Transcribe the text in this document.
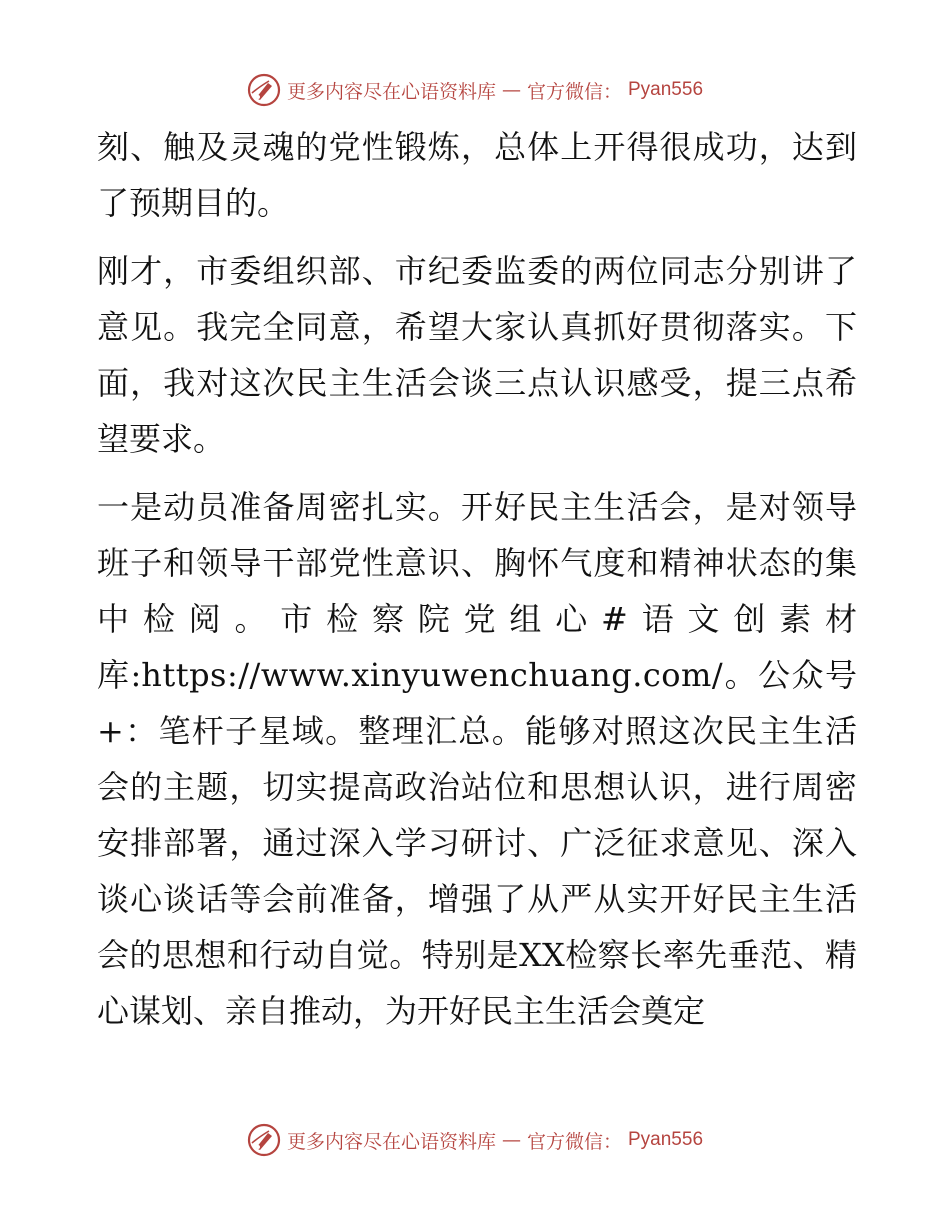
更多内容尽在心语资料库 — 官方微信： Pyan556

刻、触及灵魂的党性锻炼，总体上开得很成功，达到了预期目的。

刚才，市委组织部、市纪委监委的两位同志分别讲了意见。我完全同意，希望大家认真抓好贯彻落实。下面，我对这次民主生活会谈三点认识感受，提三点希望要求。

一是动员准备周密扎实。开好民主生活会，是对领导班子和领导干部党性意识、胸怀气度和精神状态的集中检阅。市检察院党组心#语文创素材库:https://www.xinyuwenchuang.com/。公众号+：笔杆子星域。整理汇总。能够对照这次民主生活会的主题，切实提高政治站位和思想认识，进行周密安排部署，通过深入学习研讨、广泛征求意见、深入谈心谈话等会前准备，增强了从严从实开好民主生活会的思想和行动自觉。特别是XX检察长率先垂范、精心谋划、亲自推动，为开好民主生活会奠定

更多内容尽在心语资料库 — 官方微信： Pyan556
